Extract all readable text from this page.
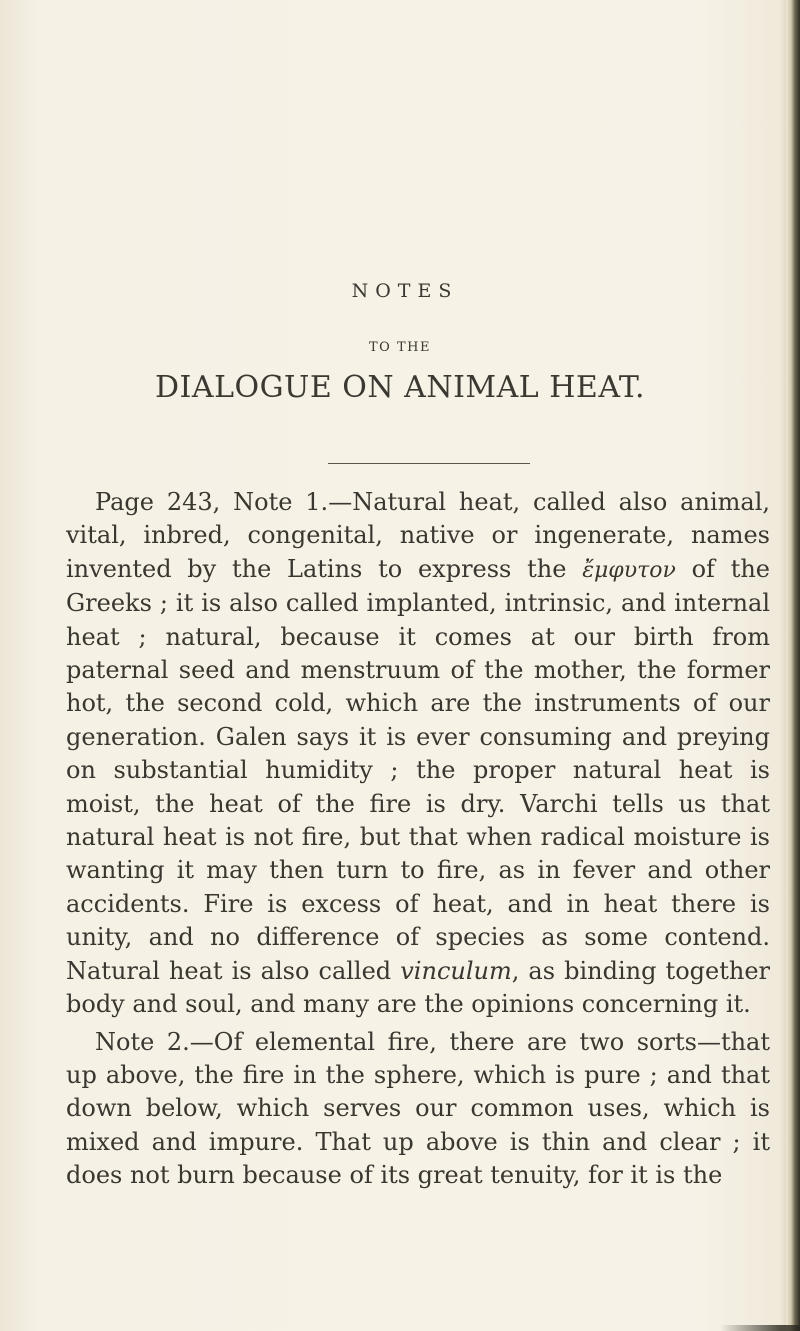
NOTES
TO THE
DIALOGUE ON ANIMAL HEAT.

Page 243, Note 1.—Natural heat, called also animal, vital, inbred, congenital, native or ingenerate, names invented by the Latins to express the ἔμφυτον of the Greeks ; it is also called implanted, intrinsic, and internal heat ; natural, because it comes at our birth from paternal seed and menstruum of the mother, the former hot, the second cold, which are the instruments of our generation. Galen says it is ever consuming and preying on substantial humidity ; the proper natural heat is moist, the heat of the fire is dry. Varchi tells us that natural heat is not fire, but that when radical moisture is wanting it may then turn to fire, as in fever and other accidents. Fire is excess of heat, and in heat there is unity, and no difference of species as some contend. Natural heat is also called vinculum, as binding together body and soul, and many are the opinions concerning it.

Note 2.—Of elemental fire, there are two sorts—that up above, the fire in the sphere, which is pure ; and that down below, which serves our common uses, which is mixed and impure. That up above is thin and clear ; it does not burn because of its great tenuity, for it is the
